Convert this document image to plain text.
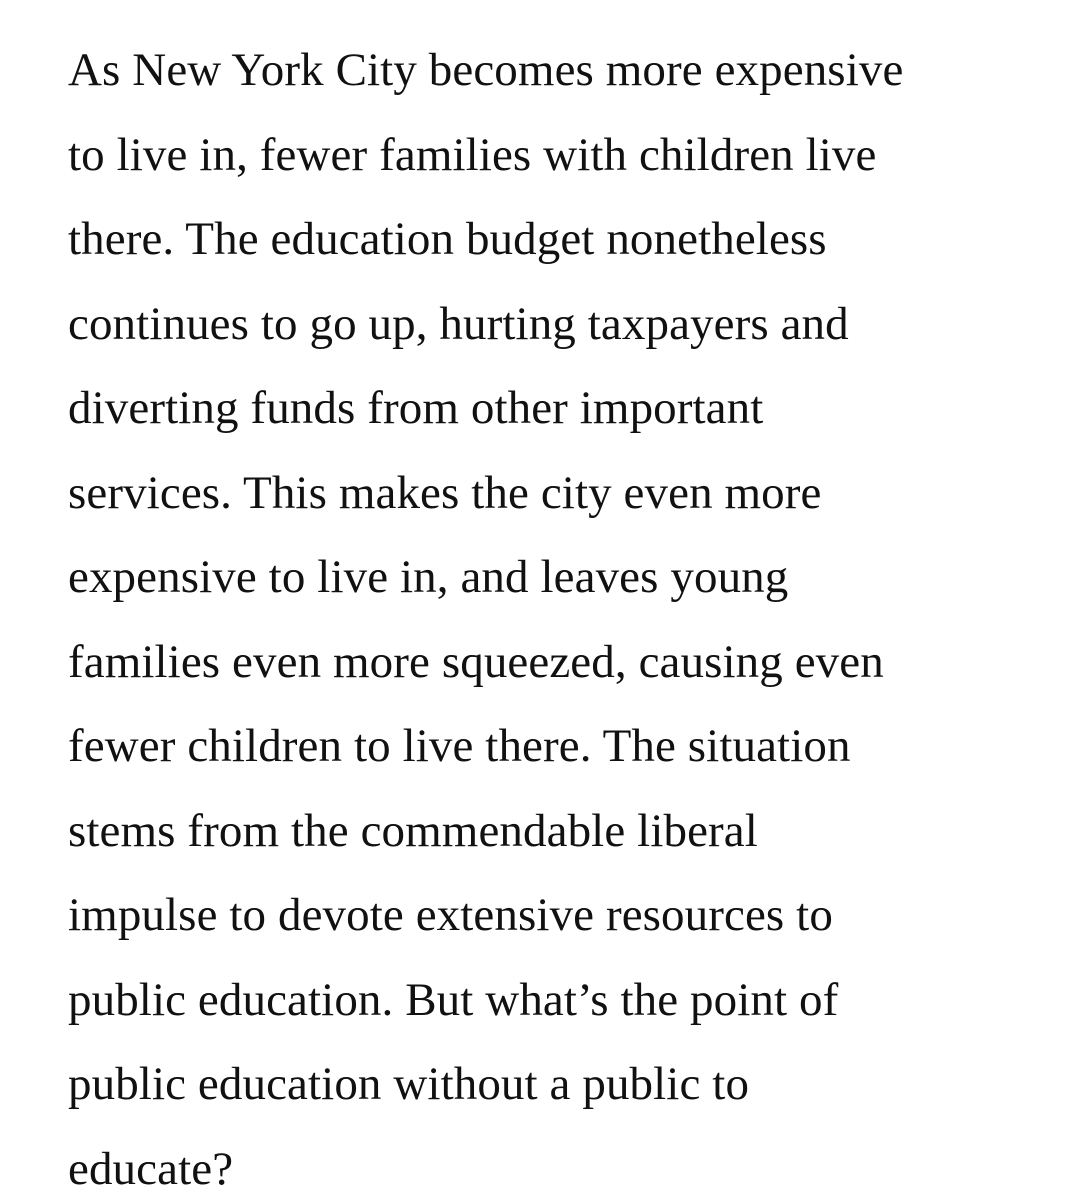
As New York City becomes more expensive
to live in, fewer families with children live
there. The education budget nonetheless
continues to go up, hurting taxpayers and
diverting funds from other important
services. This makes the city even more
expensive to live in, and leaves young
families even more squeezed, causing even
fewer children to live there. The situation
stems from the commendable liberal
impulse to devote extensive resources to
public education. But what’s the point of
public education without a public to
educate?
